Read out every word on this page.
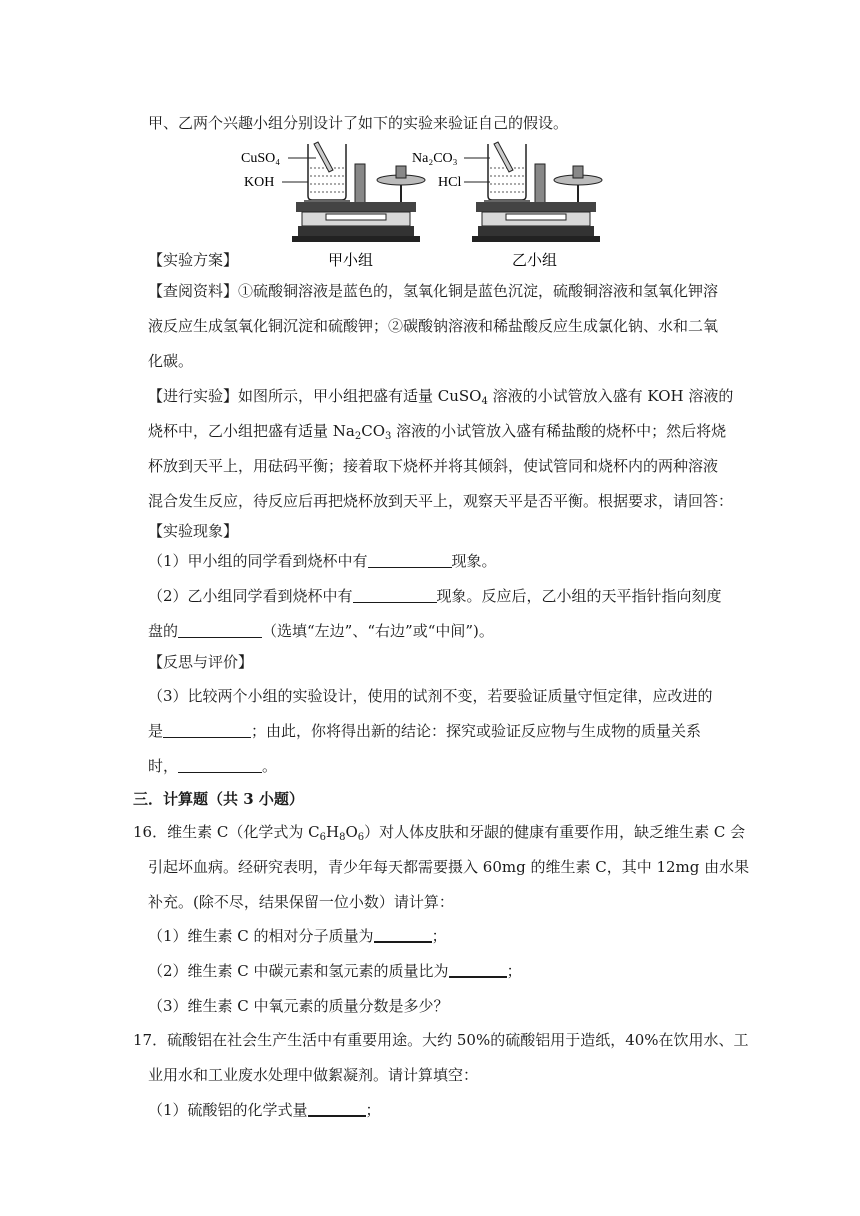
甲、乙两个兴趣小组分别设计了如下的实验来验证自己的假设。
CuSO₄
KOH
甲小组
Na₂CO₃
HCl
乙小组
【实验方案】
【查阅资料】①硫酸铜溶液是蓝色的，氢氧化铜是蓝色沉淀，硫酸铜溶液和氢氧化钾溶
液反应生成氢氧化铜沉淀和硫酸钾；②碳酸钠溶液和稀盐酸反应生成氯化钠、水和二氧
化碳。
【进行实验】如图所示，甲小组把盛有适量 CuSO$_4$ 溶液的小试管放入盛有 KOH 溶液的
烧杯中，乙小组把盛有适量 $Na_2CO_3$ 溶液的小试管放入盛有稀盐酸的烧杯中；然后将烧
杯放到天平上，用砝码平衡；接着取下烧杯并将其倾斜，使试管同和烧杯内的两种溶液
混合发生反应，待反应后再把烧杯放到天平上，观察天平是否平衡。根据要求，请回答：
【实验现象】
（1）甲小组的同学看到烧杯中有	现象。
（2）乙小组同学看到烧杯中有	现象。反应后，乙小组的天平指针指向刻度
盘的	（选填“左边”、“右边”或“中间”)。
【反思与评价】
（3）比较两个小组的实验设计，使用的试剂不变，若要验证质量守恒定律，应改进的
是	；由此，你将得出新的结论：探究或验证反应物与生成物的质量关系
时，	。
三．计算题（共 3 小题）
16．维生素 C（化学式为 $C_6H_8O_6$）对人体皮肤和牙龈的健康有重要作用，缺乏维生素 C 会
引起坏血病。经研究表明，青少年每天都需要摄入 60mg 的维生素 C，其中 12mg 由水果
补充。(除不尽，结果保留一位小数）请计算：
（1）维生素 C 的相对分子质量为	；
（2）维生素 C 中碳元素和氢元素的质量比为	；
（3）维生素 C 中氧元素的质量分数是多少？
17．硫酸铝在社会生产生活中有重要用途。大约 50%的硫酸铝用于造纸，40%在饮用水、工
业用水和工业废水处理中做絮凝剂。请计算填空：
（1）硫酸铝的化学式量	；
